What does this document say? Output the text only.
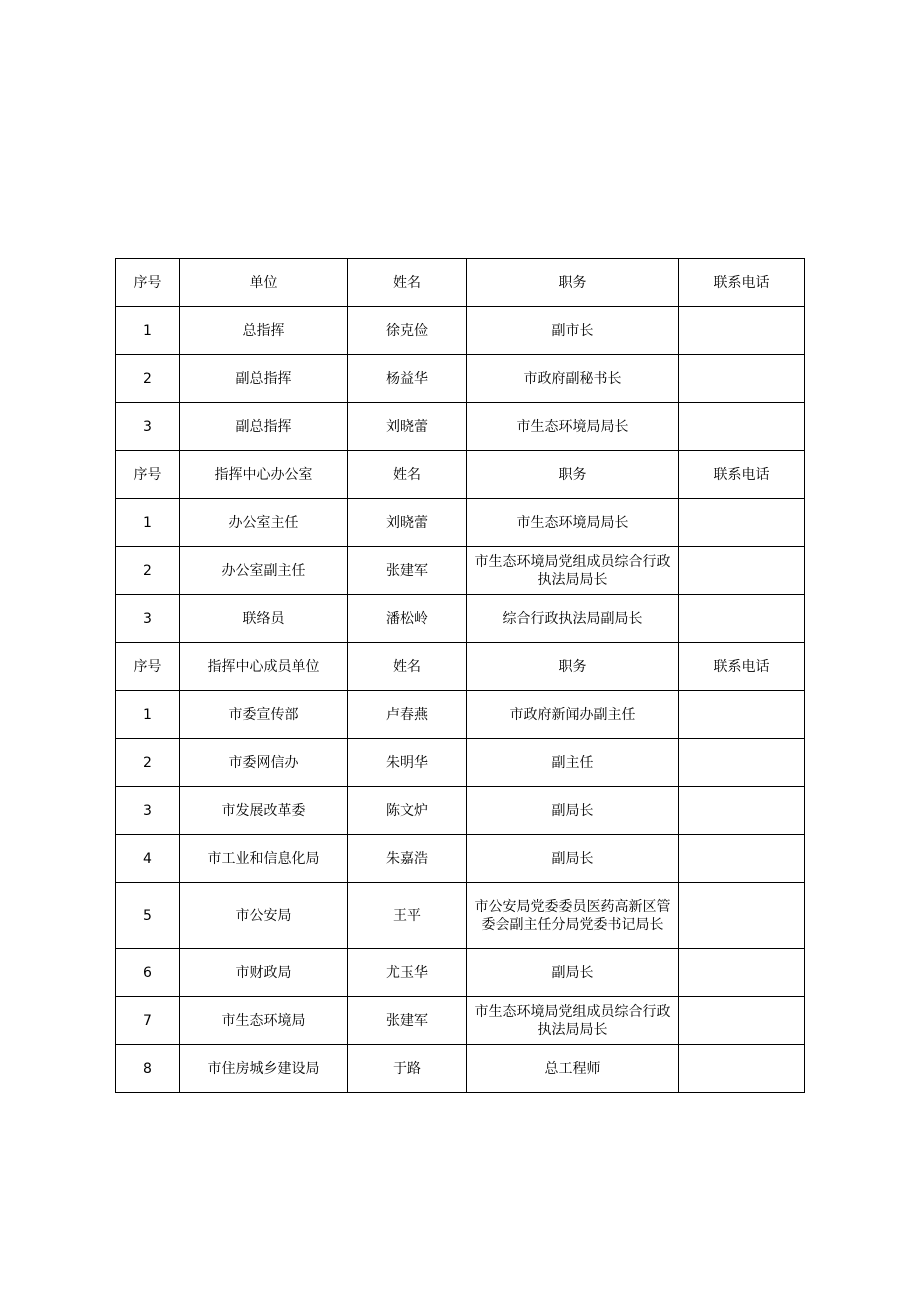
序号	单位	姓名	职务	联系电话
1	总指挥	徐克俭	副市长	
2	副总指挥	杨益华	市政府副秘书长	
3	副总指挥	刘晓蕾	市生态环境局局长	
序号	指挥中心办公室	姓名	职务	联系电话
1	办公室主任	刘晓蕾	市生态环境局局长	
2	办公室副主任	张建军	市生态环境局党组成员综合行政执法局局长	
3	联络员	潘松岭	综合行政执法局副局长	
序号	指挥中心成员单位	姓名	职务	联系电话
1	市委宣传部	卢春燕	市政府新闻办副主任	
2	市委网信办	朱明华	副主任	
3	市发展改革委	陈文炉	副局长	
4	市工业和信息化局	朱嘉浩	副局长	
5	市公安局	王平	市公安局党委委员医药高新区管委会副主任分局党委书记局长	
6	市财政局	尤玉华	副局长	
7	市生态环境局	张建军	市生态环境局党组成员综合行政执法局局长	
8	市住房城乡建设局	于路	总工程师	
